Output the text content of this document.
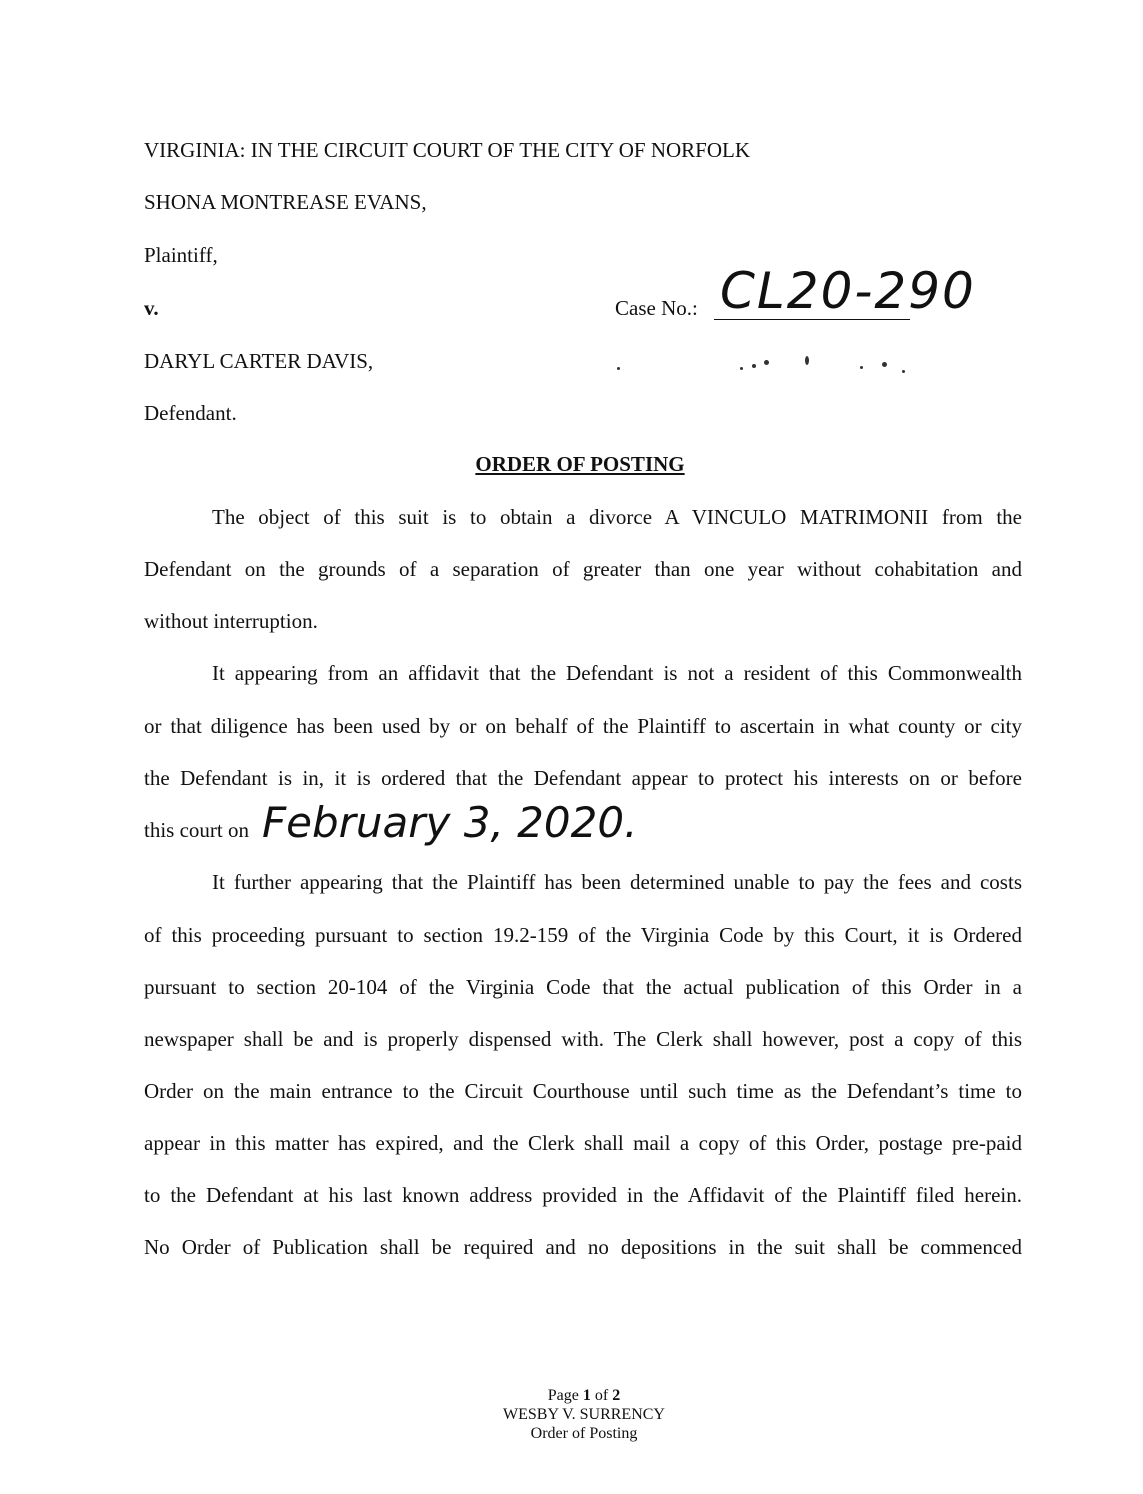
VIRGINIA: IN THE CIRCUIT COURT OF THE CITY OF NORFOLK
SHONA MONTREASE EVANS,
Plaintiff,
v.	Case No.: CL20-290
DARYL CARTER DAVIS,
Defendant.
ORDER OF POSTING
The object of this suit is to obtain a divorce A VINCULO MATRIMONII from the
Defendant on the grounds of a separation of greater than one year without cohabitation and
without interruption.
It appearing from an affidavit that the Defendant is not a resident of this Commonwealth
or that diligence has been used by or on behalf of the Plaintiff to ascertain in what county or city
the Defendant is in, it is ordered that the Defendant appear to protect his interests on or before
this court on February 3, 2020.
It further appearing that the Plaintiff has been determined unable to pay the fees and costs
of this proceeding pursuant to section 19.2-159 of the Virginia Code by this Court, it is Ordered
pursuant to section 20-104 of the Virginia Code that the actual publication of this Order in a
newspaper shall be and is properly dispensed with. The Clerk shall however, post a copy of this
Order on the main entrance to the Circuit Courthouse until such time as the Defendant’s time to
appear in this matter has expired, and the Clerk shall mail a copy of this Order, postage pre-paid
to the Defendant at his last known address provided in the Affidavit of the Plaintiff filed herein.
No Order of Publication shall be required and no depositions in the suit shall be commenced
Page 1 of 2
WESBY V. SURRENCY
Order of Posting
